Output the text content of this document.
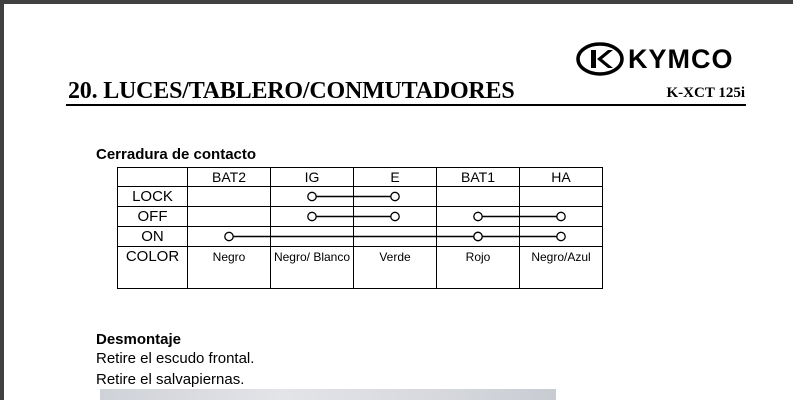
KYMCO
20. LUCES/TABLERO/CONMUTADORES	K-XCT 125i
Cerradura de contacto
	BAT2	IG	E	BAT1	HA
LOCK					
OFF					
ON					
COLOR	Negro	Negro/ Blanco	Verde	Rojo	Negro/Azul
Desmontaje
Retire el escudo frontal.
Retire el salvapiernas.
